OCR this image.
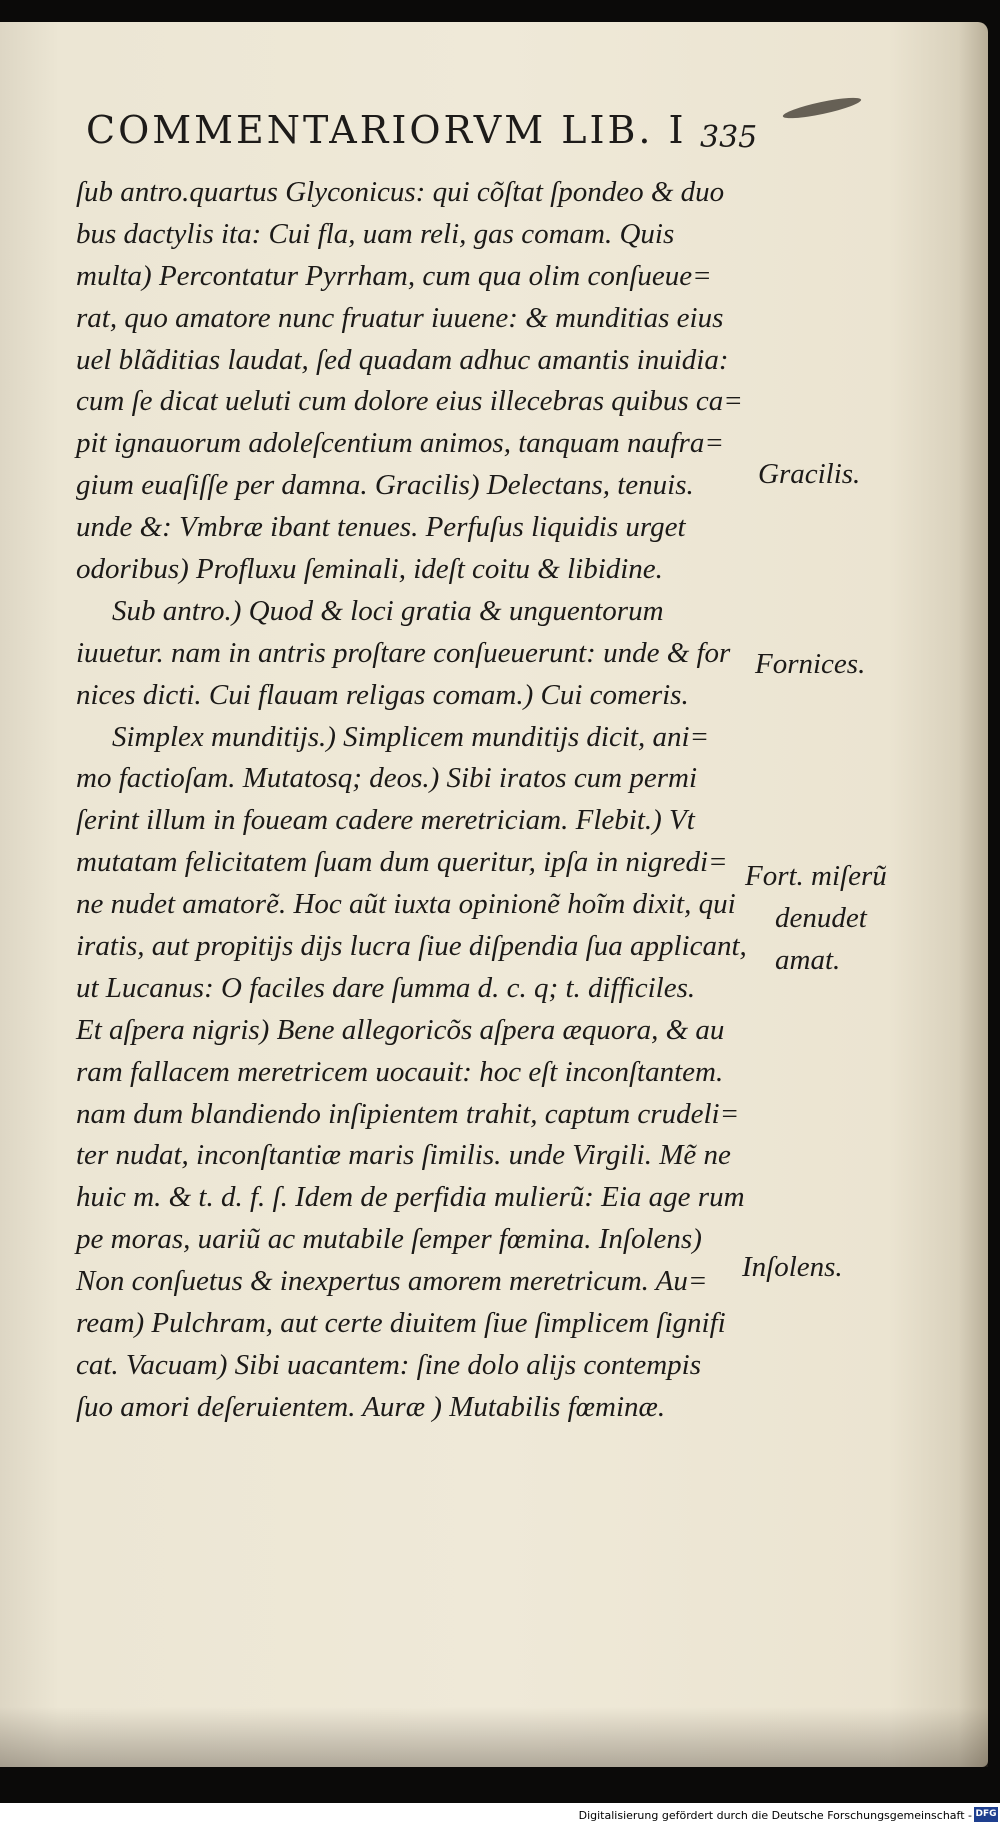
COMMENTARIORVM LIB. I 335
ſub antro.quartus Glyconicus: qui cõſtat ſpondeo & duo
bus dactylis ita: Cui fla, uam reli, gas comam. Quis
multa) Percontatur Pyrrham, cum qua olim conſueue=
rat, quo amatore nunc fruatur iuuene: & munditias eius
uel blãditias laudat, ſed quadam adhuc amantis inuidia:
cum ſe dicat ueluti cum dolore eius illecebras quibus ca=
pit ignauorum adoleſcentium animos, tanquam naufra=
gium euaſiſſe per damna. Gracilis) Delectans, tenuis.
unde &: Vmbræ ibant tenues. Perfuſus liquidis urget
odoribus) Profluxu ſeminali, ideſt coitu & libidine.
Sub antro.) Quod & loci gratia & unguentorum
iuuetur. nam in antris proſtare conſueuerunt: unde & for
nices dicti. Cui flauam religas comam.) Cui comeris.
Simplex munditijs.) Simplicem munditijs dicit, ani=
mo factioſam. Mutatosq; deos.) Sibi iratos cum permi
ſerint illum in foueam cadere meretriciam. Flebit.) Vt
mutatam felicitatem ſuam dum queritur, ipſa in nigredi=
ne nudet amatorẽ. Hoc aũt iuxta opinionẽ hoĩm dixit, qui
iratis, aut propitijs dijs lucra ſiue diſpendia ſua applicant,
ut Lucanus: O faciles dare ſumma d. c. q; t. difficiles.
Et aſpera nigris) Bene allegoricõs aſpera æquora, & au
ram fallacem meretricem uocauit: hoc eſt inconſtantem.
nam dum blandiendo inſipientem trahit, captum crudeli=
ter nudat, inconſtantiæ maris ſimilis. unde Virgili. Mẽ ne
huic m. & t. d. f. ſ. Idem de perfidia mulierũ: Eia age rum
pe moras, uariũ ac mutabile ſemper fœmina. Inſolens)
Non conſuetus & inexpertus amorem meretricum. Au=
ream) Pulchram, aut certe diuitem ſiue ſimplicem ſignifi
cat. Vacuam) Sibi uacantem: ſine dolo alijs contempis
ſuo amori deſeruientem. Auræ ) Mutabilis fœminæ.
Gracilis.
Fornices.
Fort. miſerũ
denudet
amat.
Inſolens.
Digitalisierung gefördert durch die Deutsche Forschungsgemeinschaft - DFG
